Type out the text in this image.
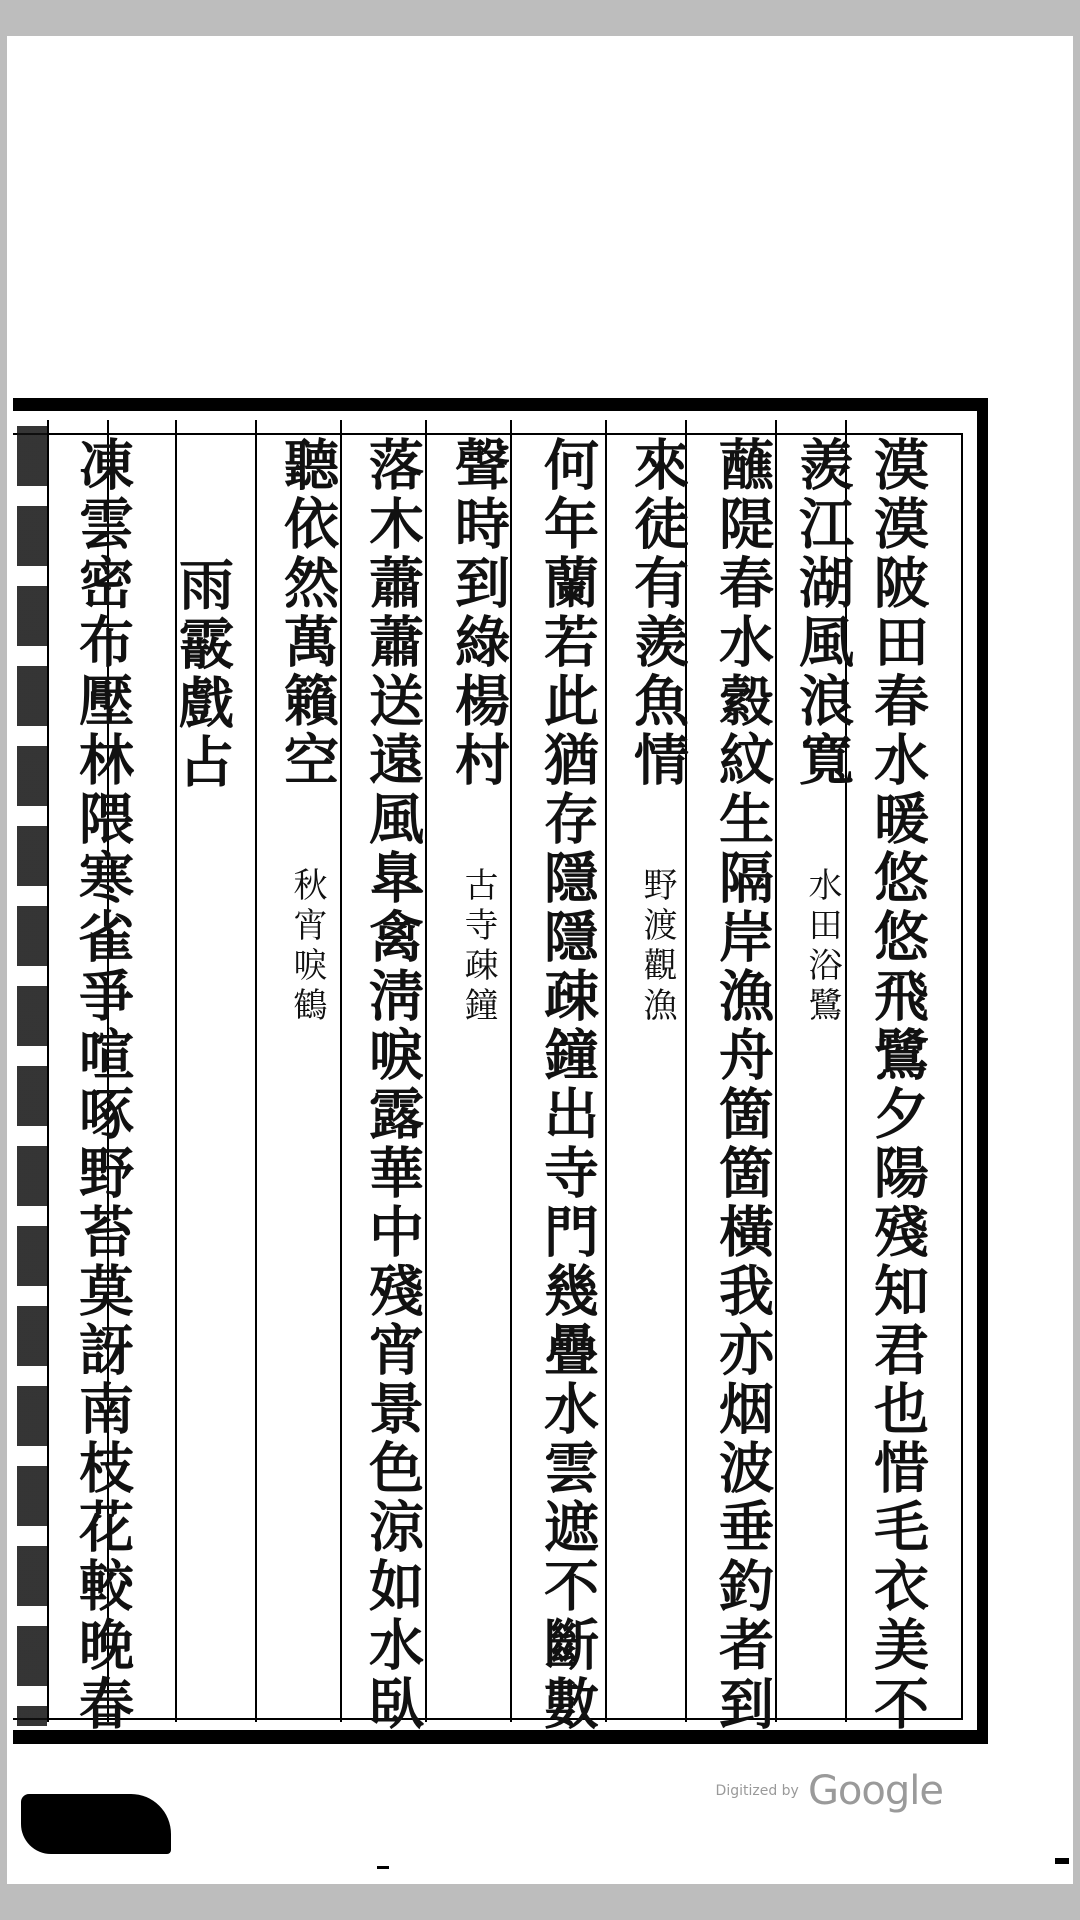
漠漠陂田春水暖悠悠飛鷺夕陽殘知君也惜毛衣美不
羨江湖風浪寬 水田浴鷺
蘸隄春水縠紋生隔岸漁舟箇箇橫我亦烟波垂釣者到
來徒有羨魚情 野渡觀漁
何年蘭若此猶存隱隱疎鐘出寺門幾疊水雲遮不斷數
聲時到綠楊村 古寺疎鐘
落木蕭蕭送遠風臯禽淸唳露華中殘宵景色涼如水臥
聽依然萬籟空 秋宵唳鶴
雨霰戲占
凍雲密布壓林隈寒雀爭喧啄野苔莫訝南枝花較晚春
Digitized by Google
